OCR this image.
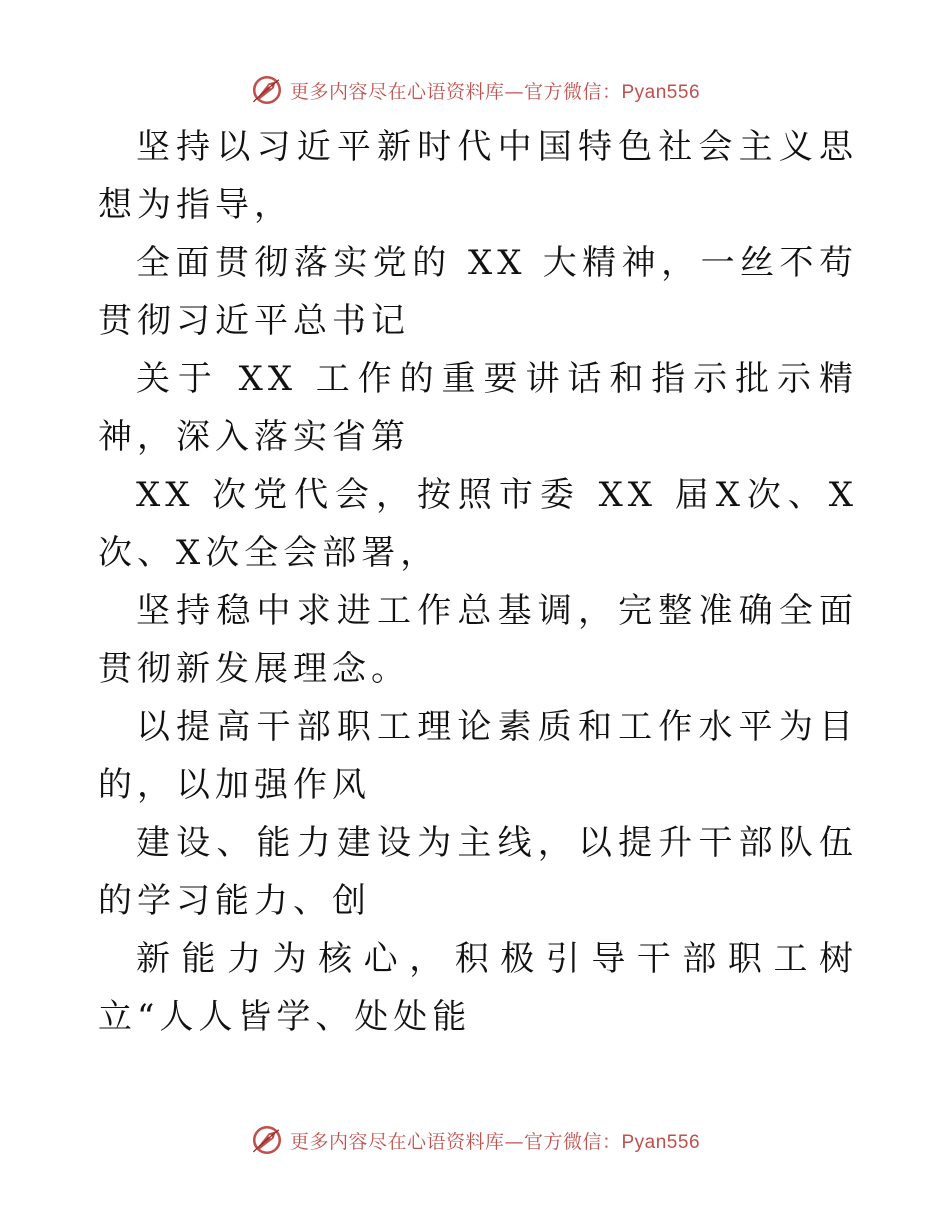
更多内容尽在心语资料库—官方微信：Pyan556

坚持以习近平新时代中国特色社会主义思想为指导，

全面贯彻落实党的 XX 大精神，一丝不苟贯彻习近平总书记

关于 XX 工作的重要讲话和指示批示精神，深入落实省第

XX 次党代会，按照市委 XX 届X次、X次、X次全会部署，

坚持稳中求进工作总基调，完整准确全面贯彻新发展理念。

以提高干部职工理论素质和工作水平为目的，以加强作风

建设、能力建设为主线，以提升干部队伍的学习能力、创

新能力为核心，积极引导干部职工树立“人人皆学、处处能

更多内容尽在心语资料库—官方微信：Pyan556
